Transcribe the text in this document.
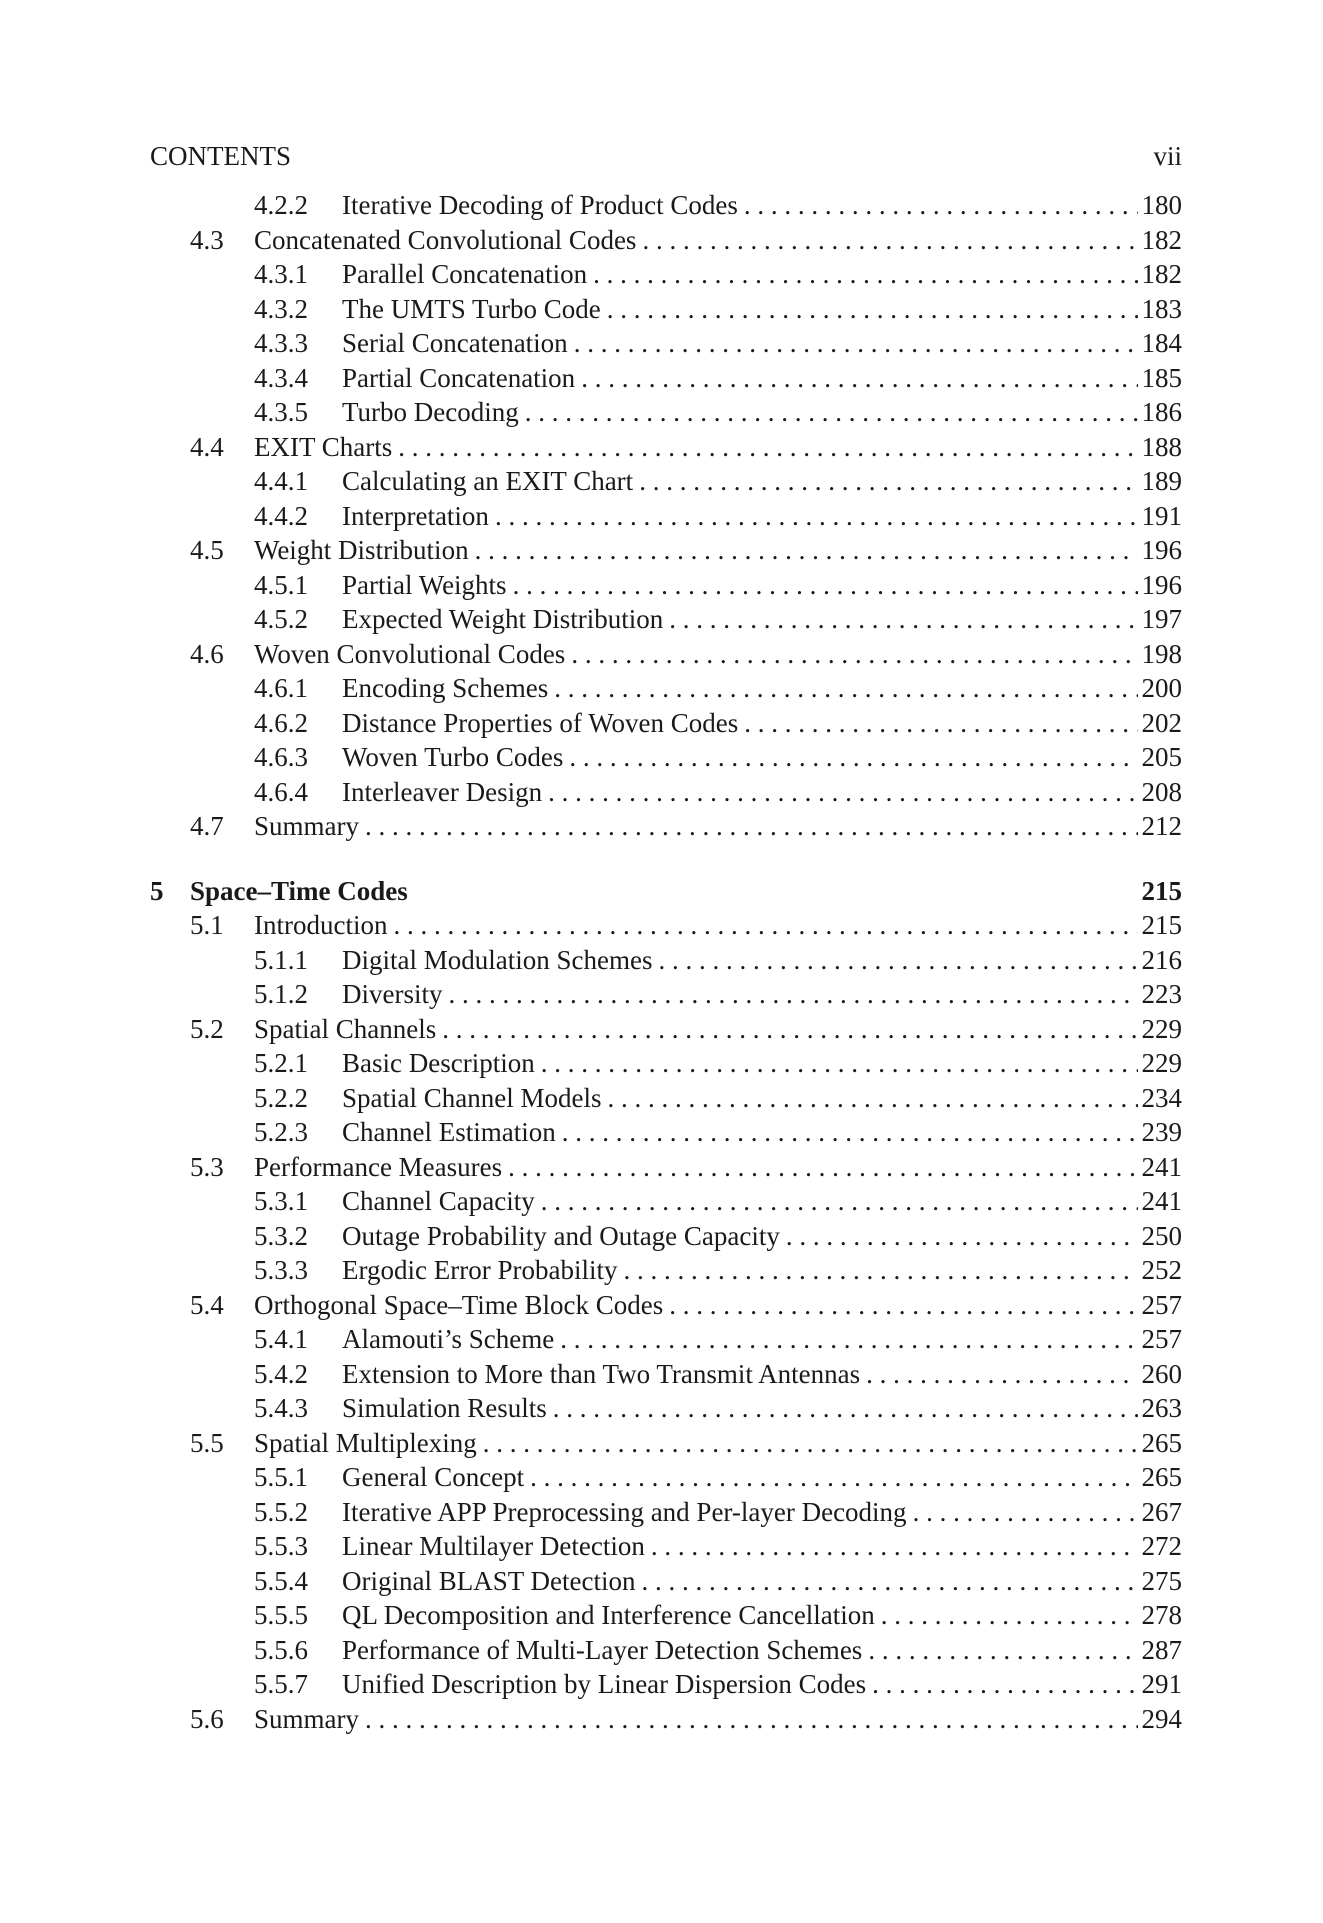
CONTENTS	vii
4.2.2	Iterative Decoding of Product Codes . . .	180
4.3	Concatenated Convolutional Codes . . .	182
4.3.1	Parallel Concatenation . . .	182
4.3.2	The UMTS Turbo Code . . .	183
4.3.3	Serial Concatenation . . .	184
4.3.4	Partial Concatenation . . .	185
4.3.5	Turbo Decoding . . .	186
4.4	EXIT Charts . . .	188
4.4.1	Calculating an EXIT Chart . . .	189
4.4.2	Interpretation . . .	191
4.5	Weight Distribution . . .	196
4.5.1	Partial Weights . . .	196
4.5.2	Expected Weight Distribution . . .	197
4.6	Woven Convolutional Codes . . .	198
4.6.1	Encoding Schemes . . .	200
4.6.2	Distance Properties of Woven Codes . . .	202
4.6.3	Woven Turbo Codes . . .	205
4.6.4	Interleaver Design . . .	208
4.7	Summary . . .	212
5 Space–Time Codes	215
5.1	Introduction . . .	215
5.1.1	Digital Modulation Schemes . . .	216
5.1.2	Diversity . . .	223
5.2	Spatial Channels . . .	229
5.2.1	Basic Description . . .	229
5.2.2	Spatial Channel Models . . .	234
5.2.3	Channel Estimation . . .	239
5.3	Performance Measures . . .	241
5.3.1	Channel Capacity . . .	241
5.3.2	Outage Probability and Outage Capacity . . .	250
5.3.3	Ergodic Error Probability . . .	252
5.4	Orthogonal Space–Time Block Codes . . .	257
5.4.1	Alamouti’s Scheme . . .	257
5.4.2	Extension to More than Two Transmit Antennas . . .	260
5.4.3	Simulation Results . . .	263
5.5	Spatial Multiplexing . . .	265
5.5.1	General Concept . . .	265
5.5.2	Iterative APP Preprocessing and Per-layer Decoding . . .	267
5.5.3	Linear Multilayer Detection . . .	272
5.5.4	Original BLAST Detection . . .	275
5.5.5	QL Decomposition and Interference Cancellation . . .	278
5.5.6	Performance of Multi-Layer Detection Schemes . . .	287
5.5.7	Unified Description by Linear Dispersion Codes . . .	291
5.6	Summary . . .	294
